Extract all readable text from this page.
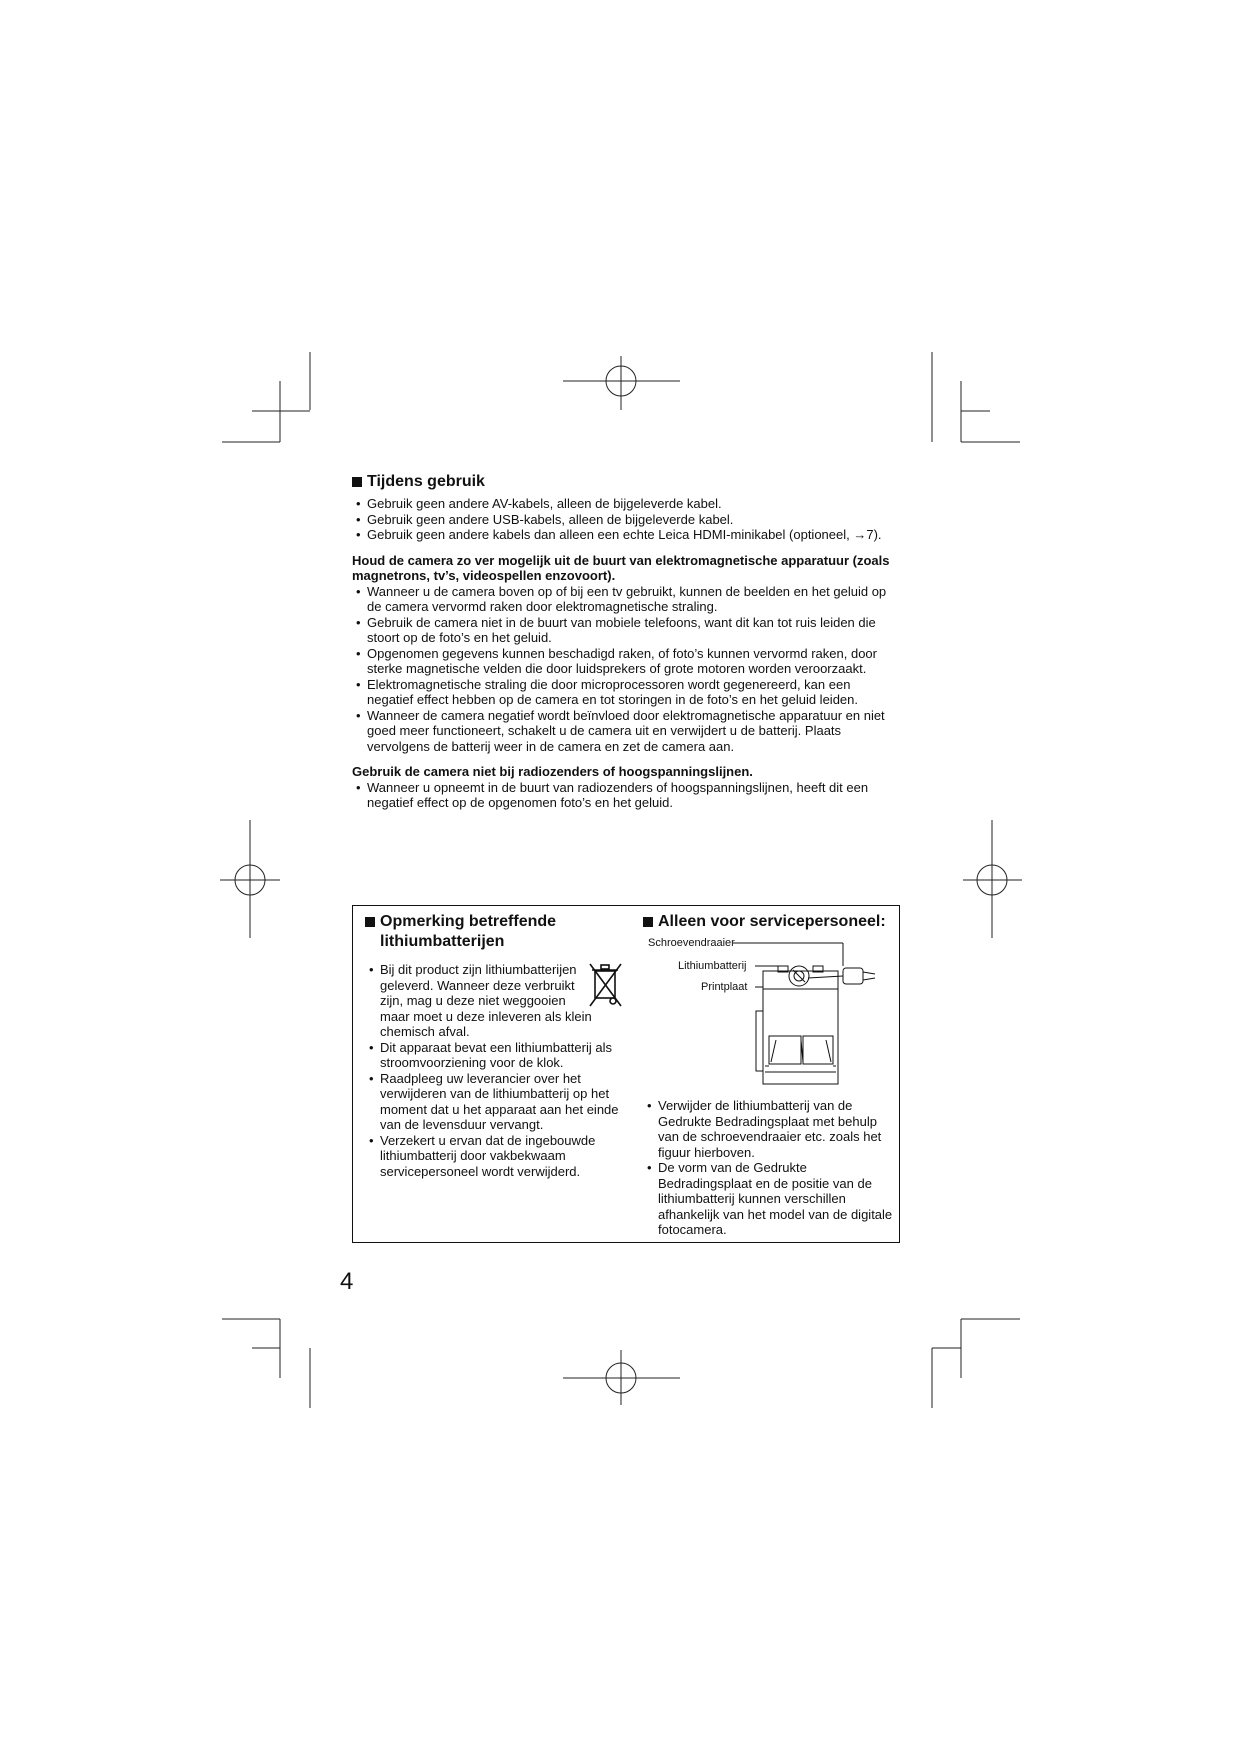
Tijdens gebruik
• Gebruik geen andere AV-kabels, alleen de bijgeleverde kabel.
• Gebruik geen andere USB-kabels, alleen de bijgeleverde kabel.
• Gebruik geen andere kabels dan alleen een echte Leica HDMI-minikabel (optioneel, →7).

Houd de camera zo ver mogelijk uit de buurt van elektromagnetische apparatuur (zoals magnetrons, tv’s, videospellen enzovoort).

• Wanneer u de camera boven op of bij een tv gebruikt, kunnen de beelden en het geluid op de camera vervormd raken door elektromagnetische straling.
• Gebruik de camera niet in de buurt van mobiele telefoons, want dit kan tot ruis leiden die stoort op de foto’s en het geluid.
• Opgenomen gegevens kunnen beschadigd raken, of foto’s kunnen vervormd raken, door sterke magnetische velden die door luidsprekers of grote motoren worden veroorzaakt.
• Elektromagnetische straling die door microprocessoren wordt gegenereerd, kan een negatief effect hebben op de camera en tot storingen in de foto’s en het geluid leiden.
• Wanneer de camera negatief wordt beïnvloed door elektromagnetische apparatuur en niet goed meer functioneert, schakelt u de camera uit en verwijdert u de batterij. Plaats vervolgens de batterij weer in de camera en zet de camera aan.

Gebruik de camera niet bij radiozenders of hoogspanningslijnen.

• Wanneer u opneemt in de buurt van radiozenders of hoogspanningslijnen, heeft dit een negatief effect op de opgenomen foto’s en het geluid.
Opmerking betreffende lithiumbatterijen
• Bij dit product zijn lithiumbatterijen geleverd. Wanneer deze verbruikt zijn, mag u deze niet weggooien maar moet u deze inleveren als klein chemisch afval.
• Dit apparaat bevat een lithiumbatterij als stroomvoorziening voor de klok.
• Raadpleeg uw leverancier over het verwijderen van de lithiumbatterij op het moment dat u het apparaat aan het einde van de levensduur vervangt.
• Verzekert u ervan dat de ingebouwde lithiumbatterij door vakbekwaam servicepersoneel wordt verwijderd.
Alleen voor servicepersoneel:
Schroevendraaier
Lithiumbatterij
Printplaat
• Verwijder de lithiumbatterij van de Gedrukte Bedradingsplaat met behulp van de schroevendraaier etc. zoals het figuur hierboven.
• De vorm van de Gedrukte Bedradingsplaat en de positie van de lithiumbatterij kunnen verschillen afhankelijk van het model van de digitale fotocamera.
4
